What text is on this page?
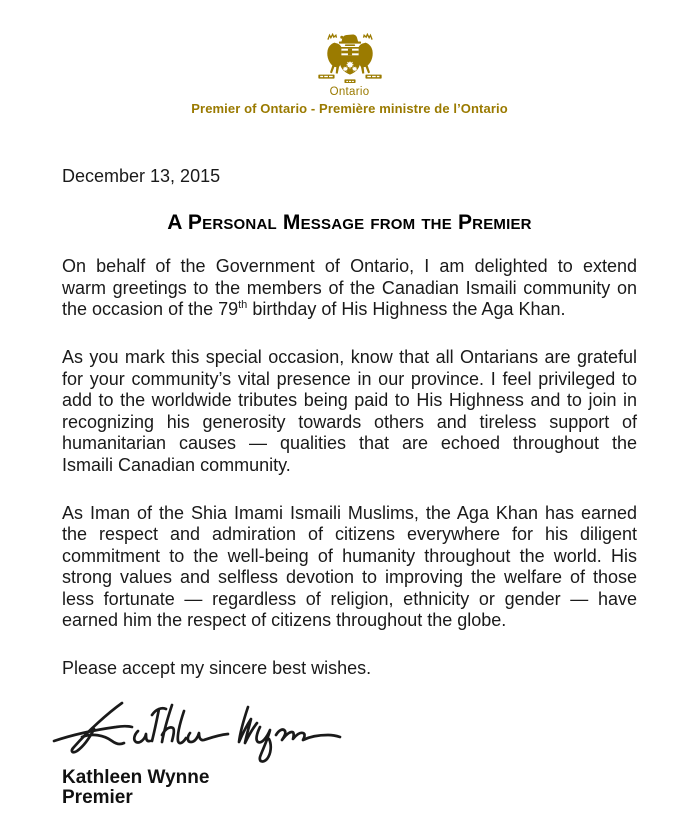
Ontario
Premier of Ontario - Première ministre de l’Ontario
December 13, 2015
A Personal Message from the Premier
On behalf of the Government of Ontario, I am delighted to extend
warm greetings to the members of the Canadian Ismaili community on
the occasion of the 79th birthday of His Highness the Aga Khan.
As you mark this special occasion, know that all Ontarians are grateful
for your community’s vital presence in our province. I feel privileged to
add to the worldwide tributes being paid to His Highness and to join in
recognizing his generosity towards others and tireless support of
humanitarian causes — qualities that are echoed throughout the
Ismaili Canadian community.
As Iman of the Shia Imami Ismaili Muslims, the Aga Khan has earned
the respect and admiration of citizens everywhere for his diligent
commitment to the well-being of humanity throughout the world. His
strong values and selfless devotion to improving the welfare of those
less fortunate — regardless of religion, ethnicity or gender — have
earned him the respect of citizens throughout the globe.
Please accept my sincere best wishes.
Kathleen Wynne
Premier
